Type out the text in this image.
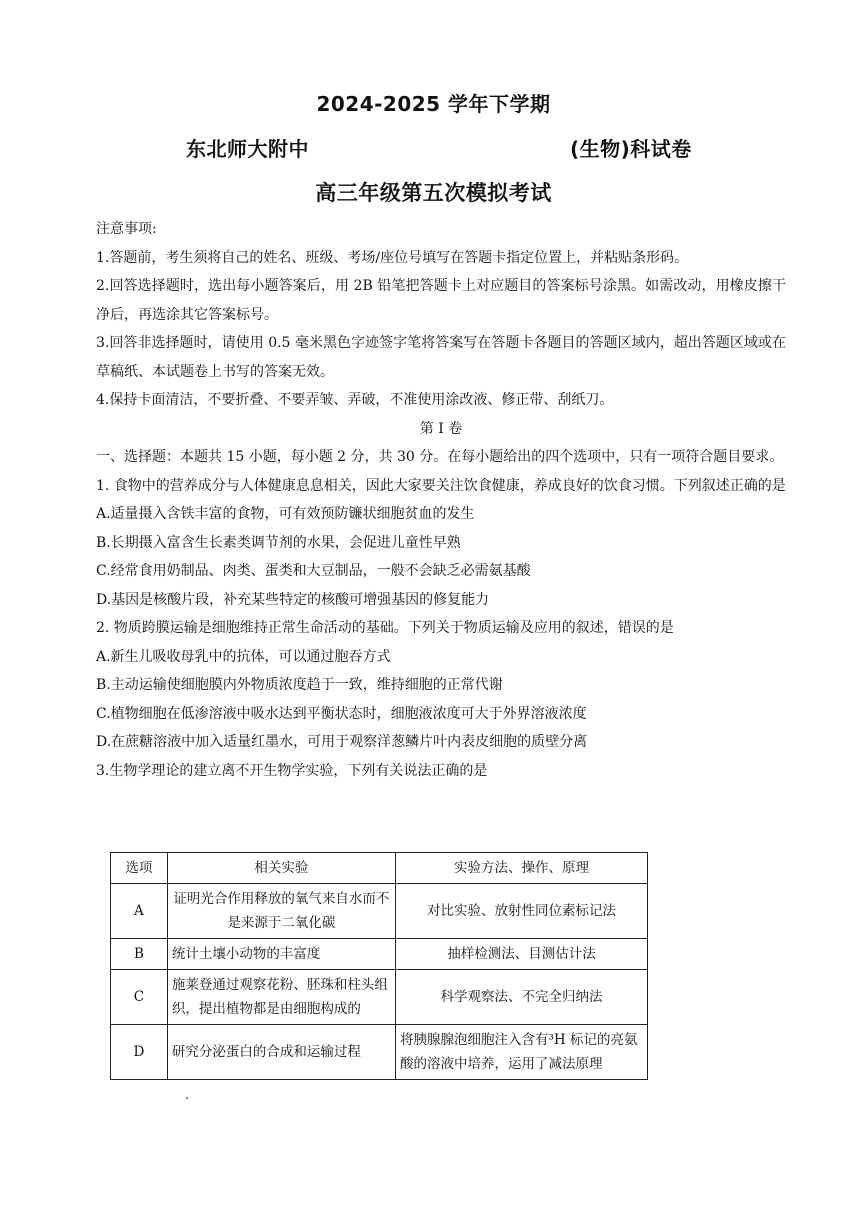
2024-2025 学年下学期
东北师大附中	(生物)科试卷
高三年级第五次模拟考试

注意事项:

1.答题前，考生须将自己的姓名、班级、考场/座位号填写在答题卡指定位置上，并粘贴条形码。

2.回答选择题时，选出每小题答案后，用 2B 铅笔把答题卡上对应题目的答案标号涂黑。如需改动，用橡皮擦干净后，再选涂其它答案标号。

3.回答非选择题时，请使用 0.5 毫米黑色字迹签字笔将答案写在答题卡各题目的答题区域内，超出答题区域或在草稿纸、本试题卷上书写的答案无效。

4.保持卡面清洁，不要折叠、不要弄皱、弄破，不准使用涂改液、修正带、刮纸刀。

第 I 卷

一、选择题：本题共 15 小题，每小题 2 分，共 30 分。在每小题给出的四个选项中，只有一项符合题目要求。

1. 食物中的营养成分与人体健康息息相关，因此大家要关注饮食健康，养成良好的饮食习惯。下列叙述正确的是

A.适量摄入含铁丰富的食物，可有效预防镰状细胞贫血的发生

B.长期摄入富含生长素类调节剂的水果，会促进儿童性早熟

C.经常食用奶制品、肉类、蛋类和大豆制品，一般不会缺乏必需氨基酸

D.基因是核酸片段，补充某些特定的核酸可增强基因的修复能力

2. 物质跨膜运输是细胞维持正常生命活动的基础。下列关于物质运输及应用的叙述，错误的是

A.新生儿吸收母乳中的抗体，可以通过胞吞方式

B.主动运输使细胞膜内外物质浓度趋于一致，维持细胞的正常代谢

C.植物细胞在低渗溶液中吸水达到平衡状态时，细胞液浓度可大于外界溶液浓度

D.在蔗糖溶液中加入适量红墨水，可用于观察洋葱鳞片叶内表皮细胞的质壁分离

3.生物学理论的建立离不开生物学实验，下列有关说法正确的是

选项	相关实验	实验方法、操作、原理
A	证明光合作用释放的氧气来自水而不是来源于二氧化碳	对比实验、放射性同位素标记法
B	统计土壤小动物的丰富度	抽样检测法、目测估计法
C	施莱登通过观察花粉、胚珠和柱头组织，提出植物都是由细胞构成的	科学观察法、不完全归纳法
D	研究分泌蛋白的合成和运输过程	将胰腺腺泡细胞注入含有³H 标记的亮氨酸的溶液中培养，运用了减法原理
